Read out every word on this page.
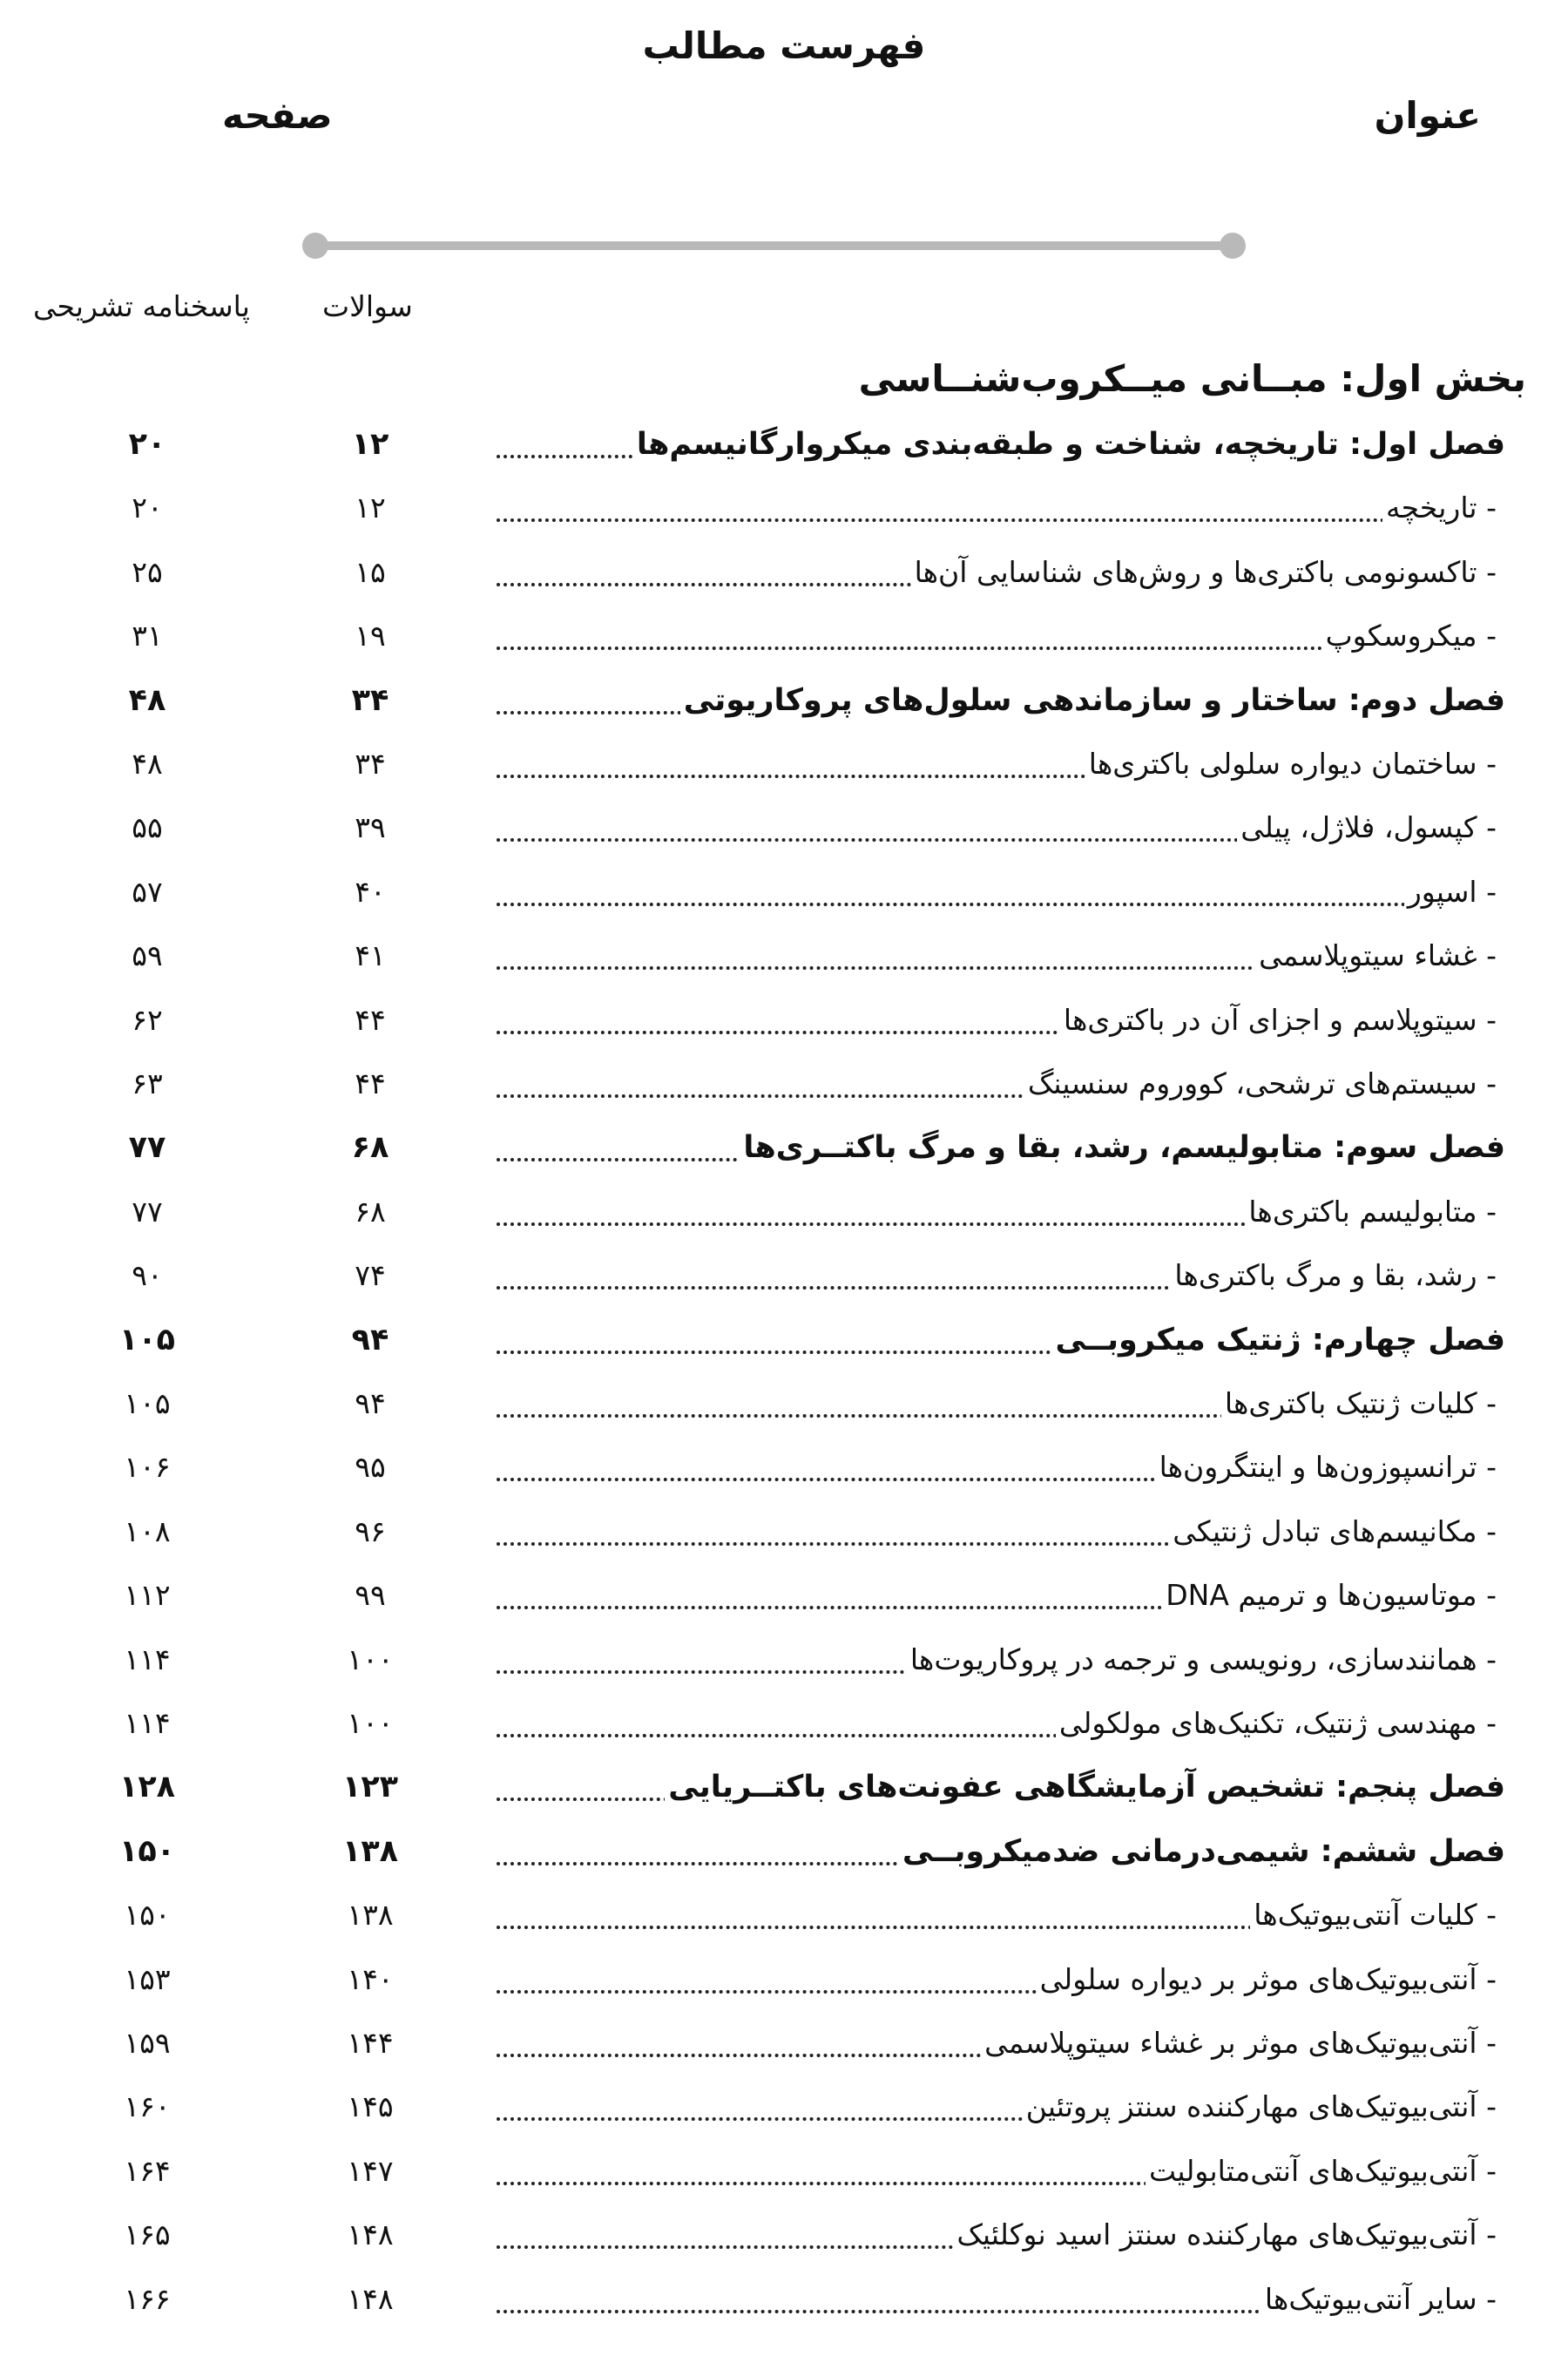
فهرست مطالب
عنوان
صفحه
سوالات
پاسخنامه تشریحی
بخش اول: مبــانی میــکروب‌شنــاسی
فصل اول: تاریخچه، شناخت و طبقه‌بندی میکروارگانیسم‌ها
۱۲
۲۰
- تاریخچه
۱۲
۲۰
- تاکسونومی باکتری‌ها و روش‌های شناسایی آن‌ها
۱۵
۲۵
- میکروسکوپ
۱۹
۳۱
فصل دوم: ساختار و سازماندهی سلول‌های پروکاریوتی
۳۴
۴۸
- ساختمان دیواره سلولی باکتری‌ها
۳۴
۴۸
- کپسول، فلاژل، پیلی
۳۹
۵۵
- اسپور
۴۰
۵۷
- غشاء سیتوپلاسمی
۴۱
۵۹
- سیتوپلاسم و اجزای آن در باکتری‌ها
۴۴
۶۲
- سیستم‌های ترشحی، کووروم سنسینگ
۴۴
۶۳
فصل سوم: متابولیسم، رشد، بقا و مرگ باکتــری‌ها
۶۸
۷۷
- متابولیسم باکتری‌ها
۶۸
۷۷
- رشد، بقا و مرگ باکتری‌ها
۷۴
۹۰
فصل چهارم: ژنتیک میکروبــی
۹۴
۱۰۵
- کلیات ژنتیک باکتری‌ها
۹۴
۱۰۵
- ترانسپوزون‌ها و اینتگرون‌ها
۹۵
۱۰۶
- مکانیسم‌های تبادل ژنتیکی
۹۶
۱۰۸
- موتاسیون‌ها و ترمیم DNA
۹۹
۱۱۲
- همانندسازی، رونویسی و ترجمه در پروکاریوت‌ها
۱۰۰
۱۱۴
- مهندسی ژنتیک، تکنیک‌های مولکولی
۱۰۰
۱۱۴
فصل پنجم: تشخیص آزمایشگاهی عفونت‌های باکتــریایی
۱۲۳
۱۲۸
فصل ششم: شیمی‌درمانی ضدمیکروبــی
۱۳۸
۱۵۰
- کلیات آنتی‌بیوتیک‌ها
۱۳۸
۱۵۰
- آنتی‌بیوتیک‌های موثر بر دیواره سلولی
۱۴۰
۱۵۳
- آنتی‌بیوتیک‌های موثر بر غشاء سیتوپلاسمی
۱۴۴
۱۵۹
- آنتی‌بیوتیک‌های مهارکننده سنتز پروتئین
۱۴۵
۱۶۰
- آنتی‌بیوتیک‌های آنتی‌متابولیت
۱۴۷
۱۶۴
- آنتی‌بیوتیک‌های مهارکننده سنتز اسید نوکلئیک
۱۴۸
۱۶۵
- سایر آنتی‌بیوتیک‌ها
۱۴۸
۱۶۶
